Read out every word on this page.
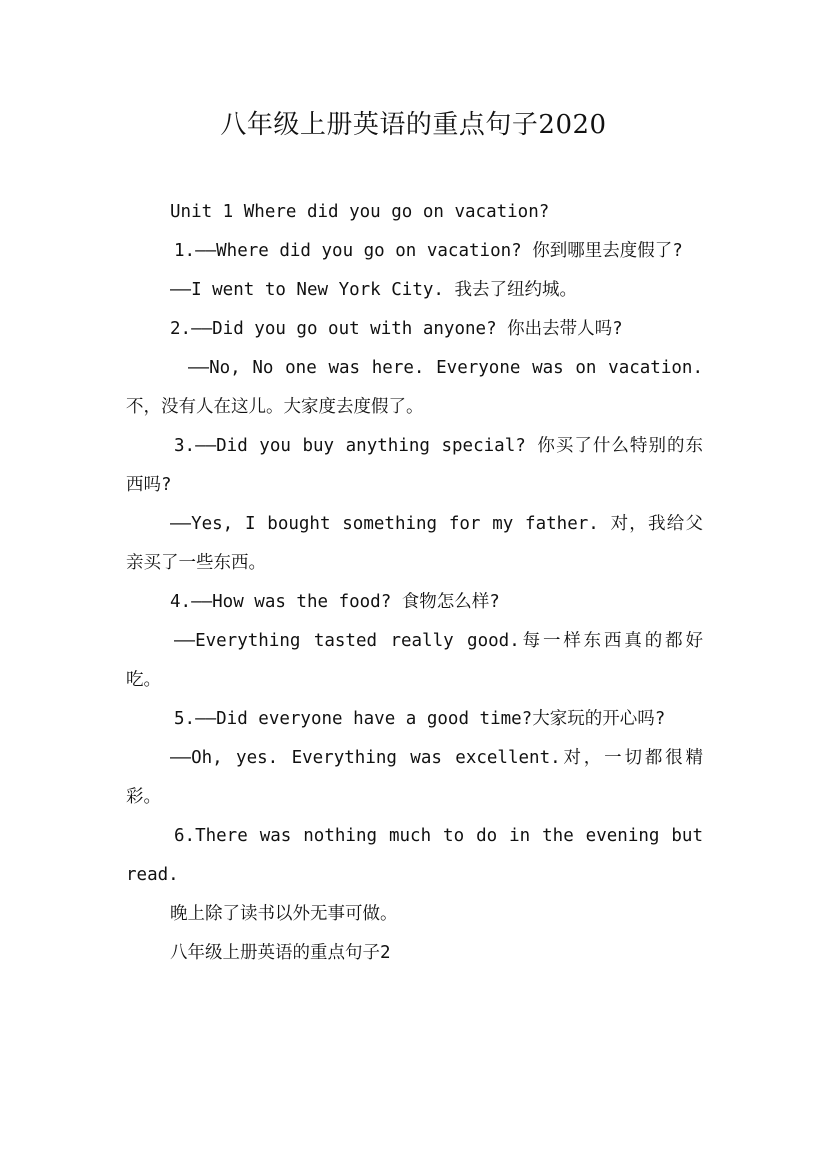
八年级上册英语的重点句子2020

Unit 1 Where did you go on vacation?

1.——Where did you go on vacation? 你到哪里去度假了?

——I went to New York City. 我去了纽约城。

2.——Did you go out with anyone? 你出去带人吗?

——No, No one was here. Everyone was on vacation. 不，没有人在这儿。大家度去度假了。

3.——Did you buy anything special? 你买了什么特别的东西吗?

——Yes, I bought something for my father. 对，我给父亲买了一些东西。

4.——How was the food? 食物怎么样?

——Everything tasted really good.每一样东西真的都好吃。

5.——Did everyone have a good time?大家玩的开心吗?

——Oh, yes. Everything was excellent.对，一切都很精彩。

6.There was nothing much to do in the evening but read.

晚上除了读书以外无事可做。

八年级上册英语的重点句子2
